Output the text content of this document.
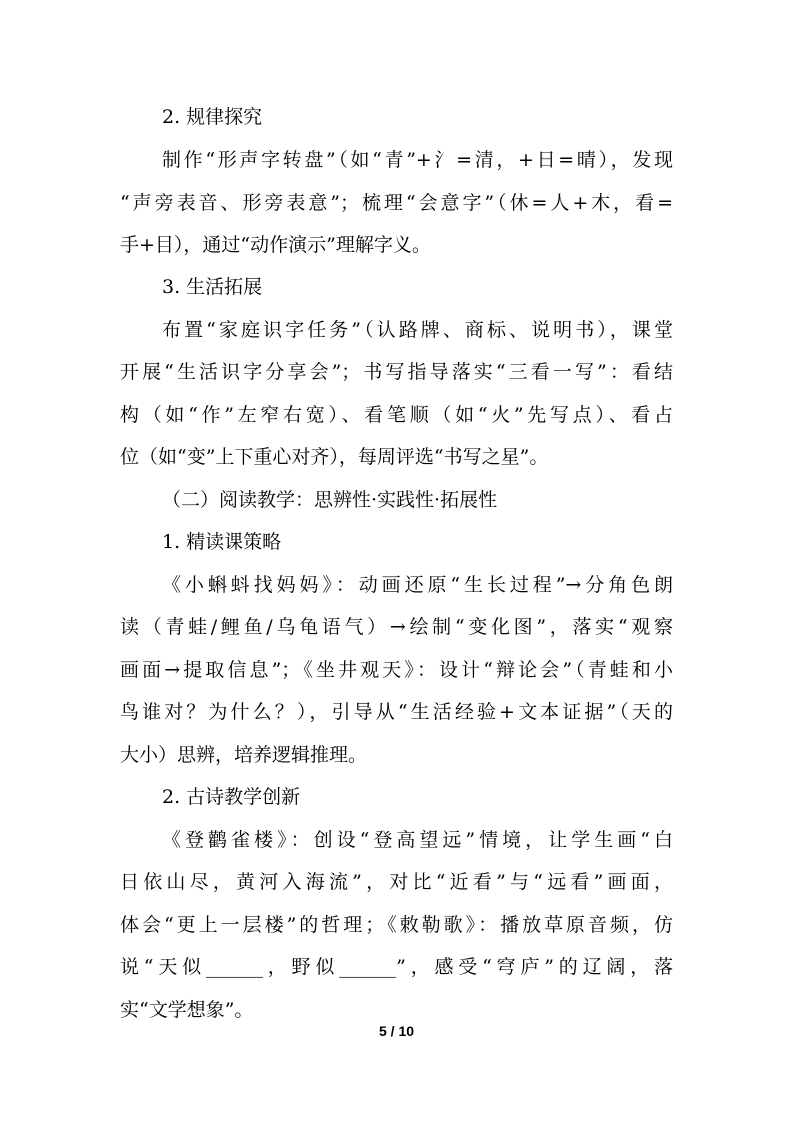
2. 规律探究
制作“形声字转盘”（如“青”+氵=清，+日=晴），发现
“声旁表音、形旁表意”；梳理“会意字”（休=人+木，看=
手+目），通过“动作演示”理解字义。
3. 生活拓展
布置“家庭识字任务”（认路牌、商标、说明书），课堂
开展“生活识字分享会”；书写指导落实“三看一写”：看结
构（如“作”左窄右宽）、看笔顺（如“火”先写点）、看占
位（如“变”上下重心对齐），每周评选“书写之星”。
（二）阅读教学：思辨性·实践性·拓展性
1. 精读课策略
《小蝌蚪找妈妈》：动画还原“生长过程”→分角色朗
读（青蛙/鲤鱼/乌龟语气）→绘制“变化图”，落实“观察
画面→提取信息”；《坐井观天》：设计“辩论会”（青蛙和小
鸟谁对？为什么？），引导从“生活经验+文本证据”（天的
大小）思辨，培养逻辑推理。
2. 古诗教学创新
《登鹳雀楼》：创设“登高望远”情境，让学生画“白
日依山尽，黄河入海流”，对比“近看”与“远看”画面，
体会“更上一层楼”的哲理；《敕勒歌》：播放草原音频，仿
说“天似______，野似______”，感受“穹庐”的辽阔，落
实“文学想象”。
5 / 10
